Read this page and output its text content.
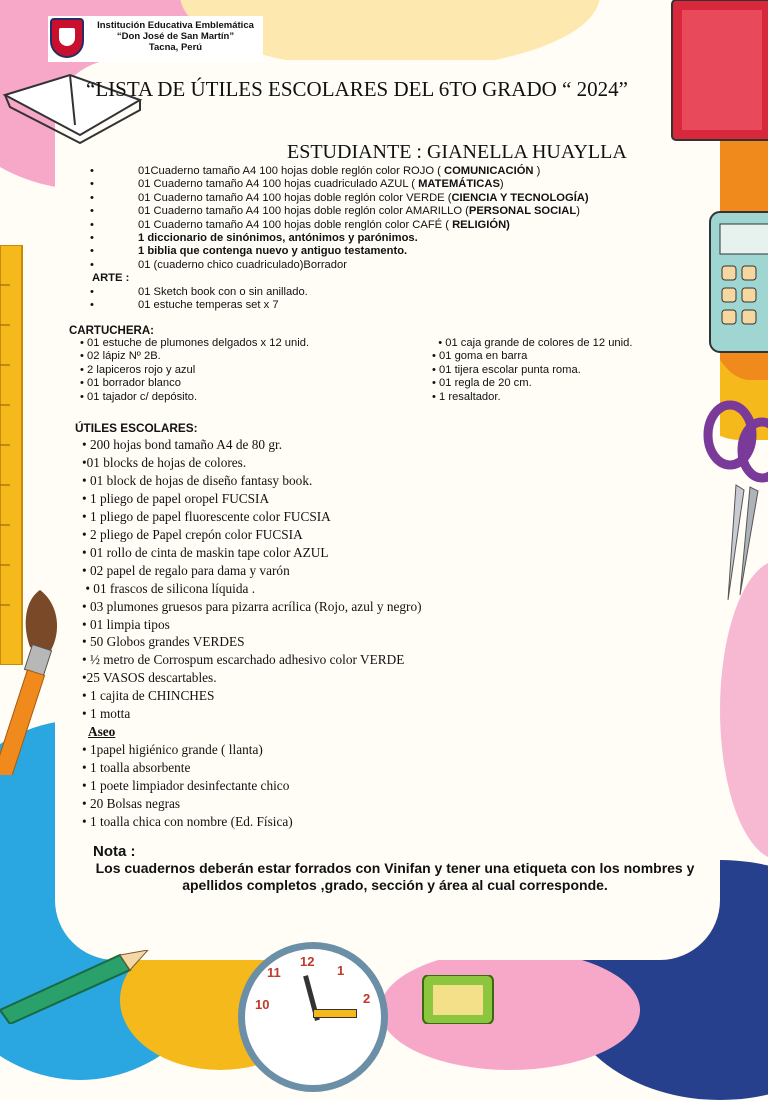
11
12
1
10	2
Institución Educativa Emblemática
“Don José de San Martín”
Tacna, Perú
“LISTA DE ÚTILES ESCOLARES DEL 6TO GRADO “ 2024”
ESTUDIANTE : GIANELLA HUAYLLA
•	01Cuaderno tamaño A4 100 hojas doble reglón color ROJO ( COMUNICACIÓN )
•	01 Cuaderno tamaño A4 100 hojas cuadriculado AZUL ( MATEMÁTICAS)
•	01 Cuaderno tamaño A4 100 hojas doble reglón color VERDE (CIENCIA Y TECNOLOGÍA)
•	01 Cuaderno tamaño A4 100 hojas doble reglón color AMARILLO (PERSONAL SOCIAL)
•	01 Cuaderno tamaño A4 100 hojas doble renglón color CAFÉ ( RELIGIÓN)
•	1 diccionario de sinónimos, antónimos y parónimos.
•	1 biblia que contenga nuevo y antiguo testamento.
•	01 (cuaderno chico cuadriculado)Borrador
ARTE :
•	01 Sketch book con o sin anillado.
•	01 estuche temperas set x 7
CARTUCHERA:
• 01 estuche de plumones delgados x 12 unid.
• 02 lápiz Nº 2B.
• 2 lapiceros rojo y azul
• 01 borrador blanco
• 01 tajador c/ depósito.
• 01 caja grande de colores de 12 unid.
• 01 goma en barra
• 01 tijera escolar punta roma.
• 01 regla de 20 cm.
• 1 resaltador.
ÚTILES ESCOLARES:
• 200 hojas bond tamaño A4 de 80 gr.
•01 blocks de hojas de colores.
• 01 block de hojas de diseño fantasy book.
• 1 pliego de papel oropel FUCSIA
• 1 pliego de papel fluorescente color FUCSIA
• 2 pliego de Papel crepón color FUCSIA
• 01 rollo de cinta de maskin tape color AZUL
• 02 papel de regalo para dama y varón
• 01 frascos de silicona líquida .
• 03 plumones gruesos para pizarra acrílica (Rojo, azul y negro)
• 01 limpia tipos
• 50 Globos grandes VERDES
• ½ metro de Corrospum escarchado adhesivo color VERDE
•25 VASOS descartables.
• 1 cajita de CHINCHES
• 1 motta
Aseo
• 1papel higiénico grande ( llanta)
• 1 toalla absorbente
• 1 poete limpiador desinfectante chico
• 20 Bolsas negras
• 1 toalla chica con nombre (Ed. Física)
Nota :
Los cuadernos deberán estar forrados con Vinifan y tener una etiqueta con los nombres y apellidos completos ,grado, sección y área al cual corresponde.
